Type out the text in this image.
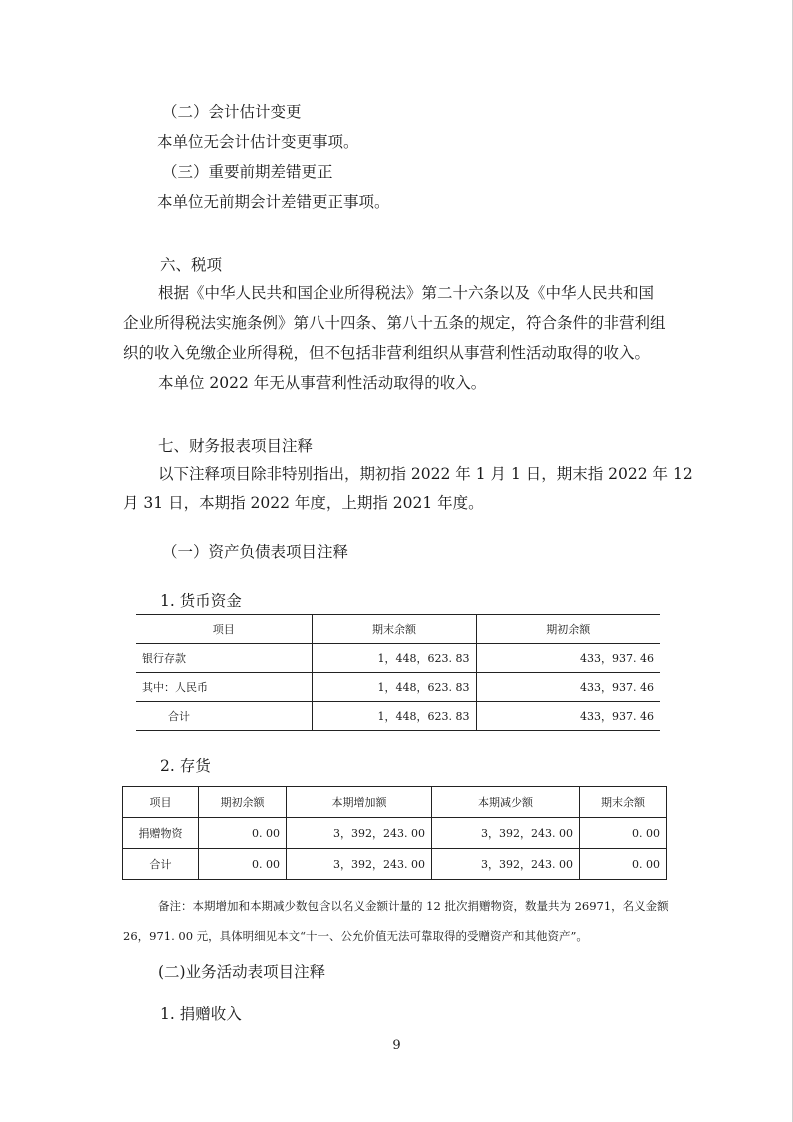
（二）会计估计变更
本单位无会计估计变更事项。
（三）重要前期差错更正
本单位无前期会计差错更正事项。
六、税项
根据《中华人民共和国企业所得税法》第二十六条以及《中华人民共和国
企业所得税法实施条例》第八十四条、第八十五条的规定，符合条件的非营利组
织的收入免缴企业所得税，但不包括非营利组织从事营利性活动取得的收入。
本单位 2022 年无从事营利性活动取得的收入。
七、财务报表项目注释
以下注释项目除非特别指出，期初指 2022 年 1 月 1 日，期末指 2022 年 12
月 31 日，本期指 2022 年度，上期指 2021 年度。
（一）资产负债表项目注释
1. 货币资金
项目	期末余额	期初余额
银行存款	1，448，623. 83	433，937. 46
其中：人民币	1，448，623. 83	433，937. 46
合计	1，448，623. 83	433，937. 46
2. 存货
项目	期初余额	本期增加额	本期减少额	期末余额
捐赠物资	0. 00	3，392，243. 00	3，392，243. 00	0. 00
合计	0. 00	3，392，243. 00	3，392，243. 00	0. 00
备注：本期增加和本期减少数包含以名义金额计量的 12 批次捐赠物资，数量共为 26971，名义金额
26，971. 00 元，具体明细见本文“十一、公允价值无法可靠取得的受赠资产和其他资产”。
(二)业务活动表项目注释
1. 捐赠收入
9
